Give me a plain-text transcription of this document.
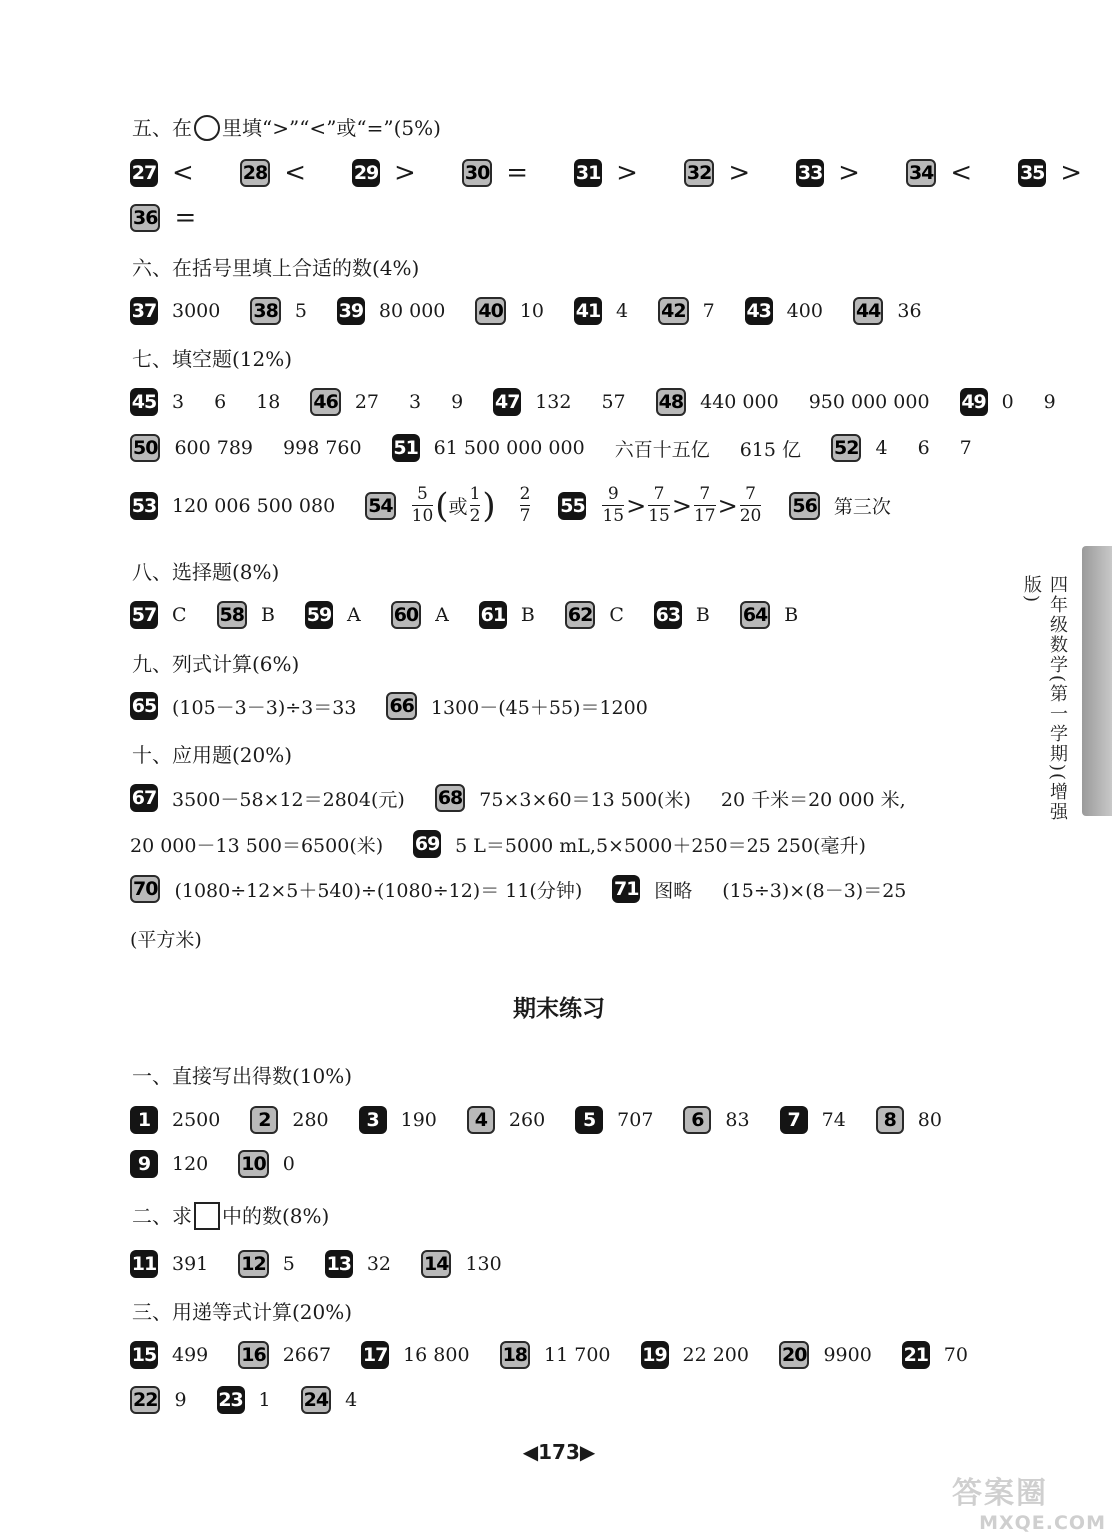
五、在 里填“>”“<”或“=”(5%)
27 <	28 <	29 >	30 =	31 >	32 >	33 >	34 <	35 >
36 =
六、在括号里填上合适的数(4%)
37 3000 38 5 39 80 000 40 10 41 4 42 7 43 400 44 36
七、填空题(12%)
45 3 6 18 46 27 3 9 47 132 57 48 440 000 950 000 000 49 0 9
50 600 789 998 760 51 61 500 000 000 六百十五亿 615 亿 52 4 6 7
53 120 006 500 080 $54 \frac{5}{10}$ ( 或 $\frac{1}{2}$ ) $\frac{2}{7} 55 \frac{9}{15} > \frac{7}{15} > \frac{7}{17} > \frac{7}{20} 56$ 第三次
八、选择题(8%)
57 C 58 B 59 A 60 A 61 B 62 C 63 B 64 B
九、列式计算(6%)
65 (105－3－3)÷3＝33 66 1300－(45＋55)＝1200
十、应用题(20%)
67 3500－58×12＝2804(元) 68 75×3×60＝13 500(米) 20 千米＝20 000 米,
20 000－13 500＝6500(米) 69 5 L＝5000 mL,5×5000＋250＝25 250(毫升)
70 (1080÷12×5＋540)÷(1080÷12)＝ 11(分钟) 71 图略 (15÷3)×(8－3)＝25
(平方米)
期末练习
一、直接写出得数(10%)
1	2500	2	280	3	190	4	260	5	707	6	83	7	74	8	80
9	120 10 0
二、求 中的数(8%)
11 391 12 5 13 32 14 130
三、用递等式计算(20%)
15 499 16 2667 17 16 800 18 11 700 19 22 200 20 9900 21 70
22 9 23 1 24 4
四年级数学(第一学期)(增强版)
◀173▶
答案圈
MXQE.COM
